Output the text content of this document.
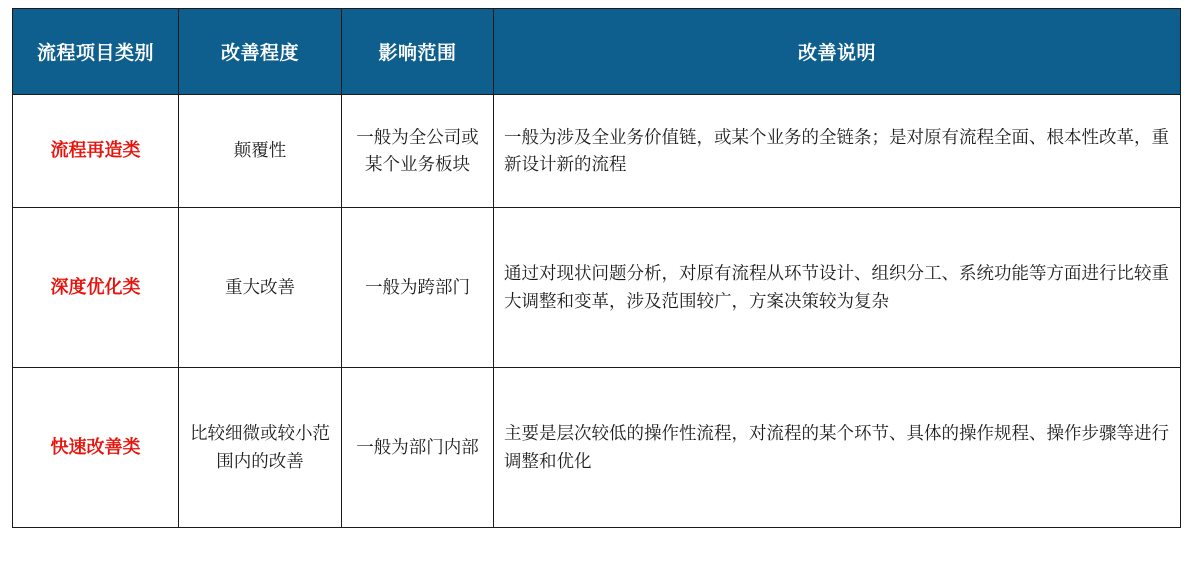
流程项目类别	改善程度	影响范围	改善说明
流程再造类	颠覆性	一般为全公司或某个业务板块	一般为涉及全业务价值链，或某个业务的全链条；是对原有流程全面、根本性改革，重新设计新的流程
深度优化类	重大改善	一般为跨部门	通过对现状问题分析，对原有流程从环节设计、组织分工、系统功能等方面进行比较重大调整和变革，涉及范围较广，方案决策较为复杂
快速改善类	比较细微或较小范围内的改善	一般为部门内部	主要是层次较低的操作性流程，对流程的某个环节、具体的操作规程、操作步骤等进行调整和优化
